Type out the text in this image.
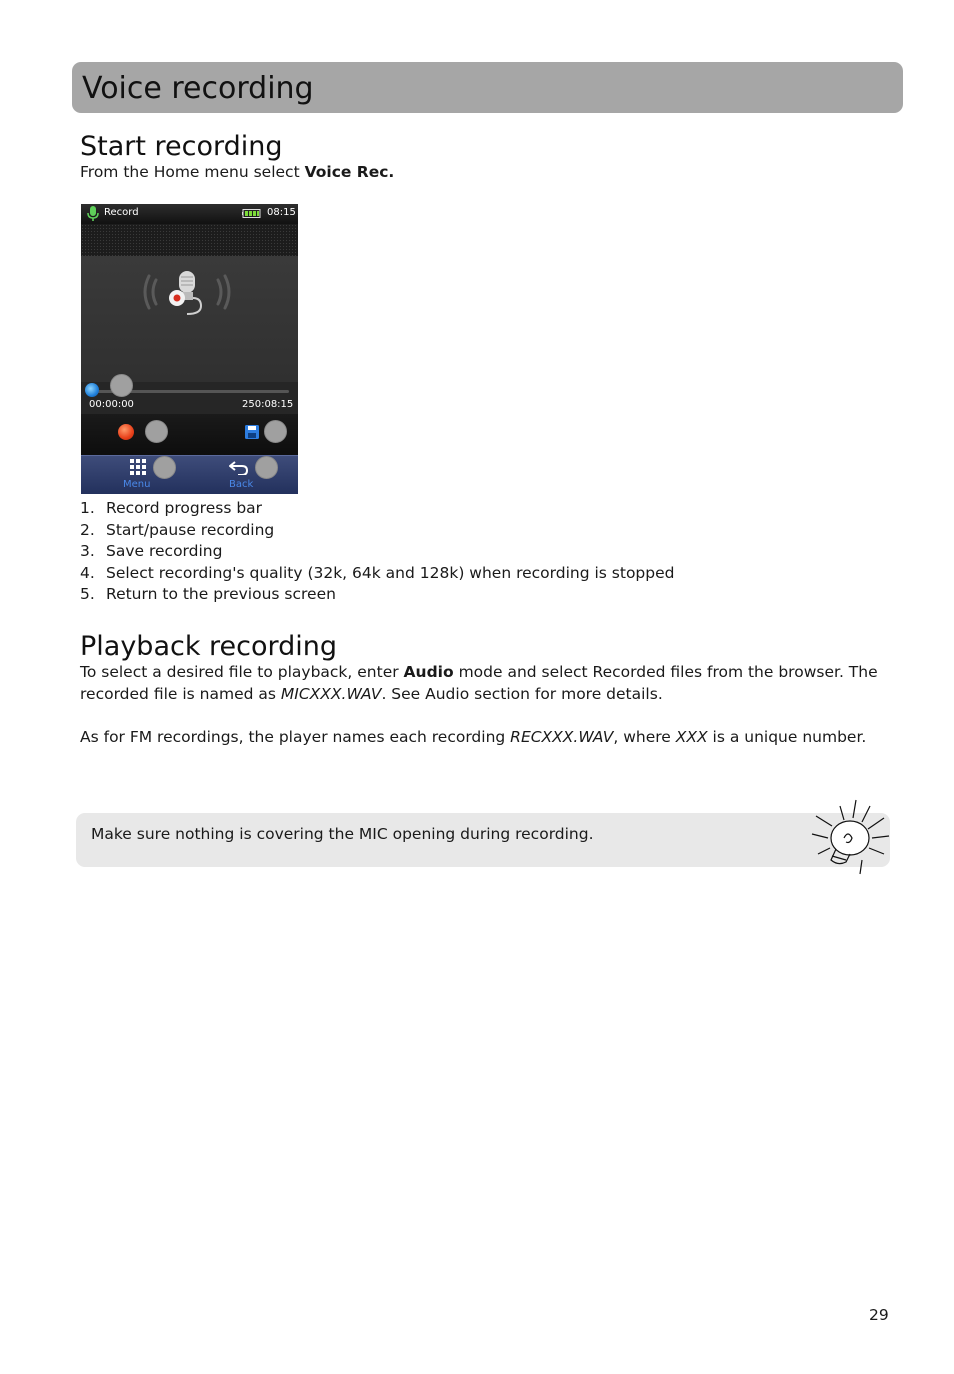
Voice recording
Start recording

From the Home menu select Voice Rec.

Record	08:15
00:00:00	250:08:15
Menu	Back
1. Record progress bar
2. Start/pause recording
3. Save recording
4. Select recording's quality (32k, 64k and 128k) when recording is stopped
5. Return to the previous screen
Playback recording

To select a desired file to playback, enter Audio mode and select Recorded files from the browser. The
recorded file is named as MICXXX.WAV. See Audio section for more details.

As for FM recordings, the player names each recording RECXXX.WAV, where XXX is a unique number.

Make sure nothing is covering the MIC opening during recording.

29
